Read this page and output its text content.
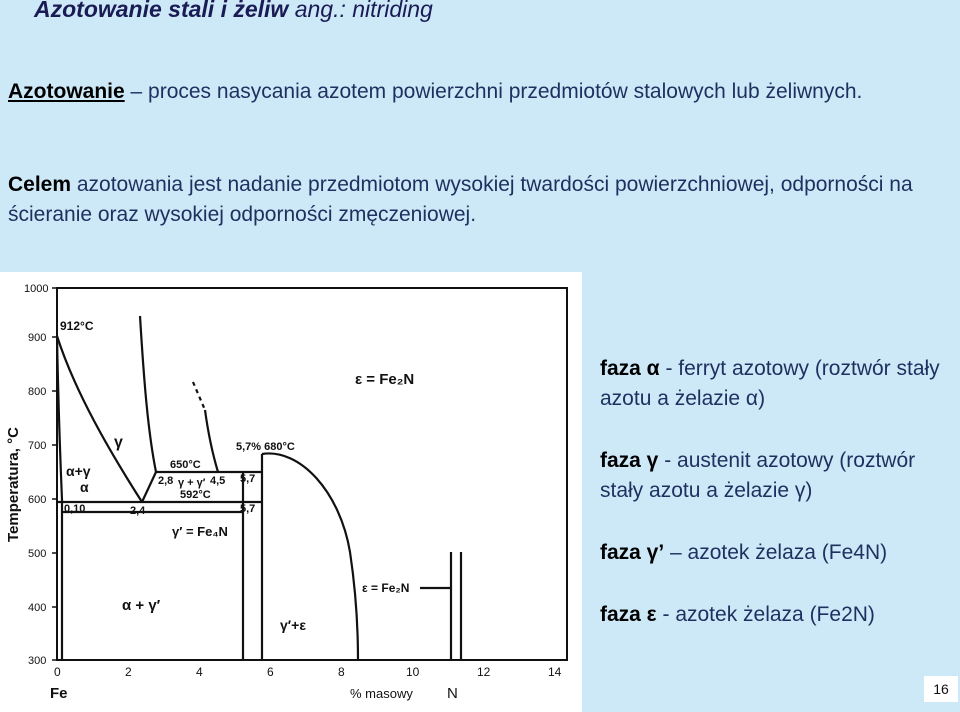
Azotowanie stali i żeliw ang.: nitriding
Azotowanie – proces nasycania azotem powierzchni przedmiotów stalowych lub żeliwnych.
Celem azotowania jest nadanie przedmiotom wysokiej twardości powierzchniowej, odporności na ścieranie oraz wysokiej odporności zmęczeniowej.
1000
900
800
700
600
500
400
300
Temperatura, °C
0	2	4	6	8	10	12	14
Fe	% masowy N
912°C
ε = Fe₂N
γ
α+γ
α
650°C
2,8 γ + γ′ 4,5 5,7
592°C
5,7
5,7% 680°C
0,10	2,4
γ′ = Fe₄N
α + γ′
ε = Fe₂N
γ′+ε
faza α - ferryt azotowy (roztwór stały azotu a żelazie α)
faza γ - austenit azotowy (roztwór stały azotu a żelazie γ)
faza γ’ – azotek żelaza (Fe4N)
faza ε - azotek żelaza (Fe2N)
16
